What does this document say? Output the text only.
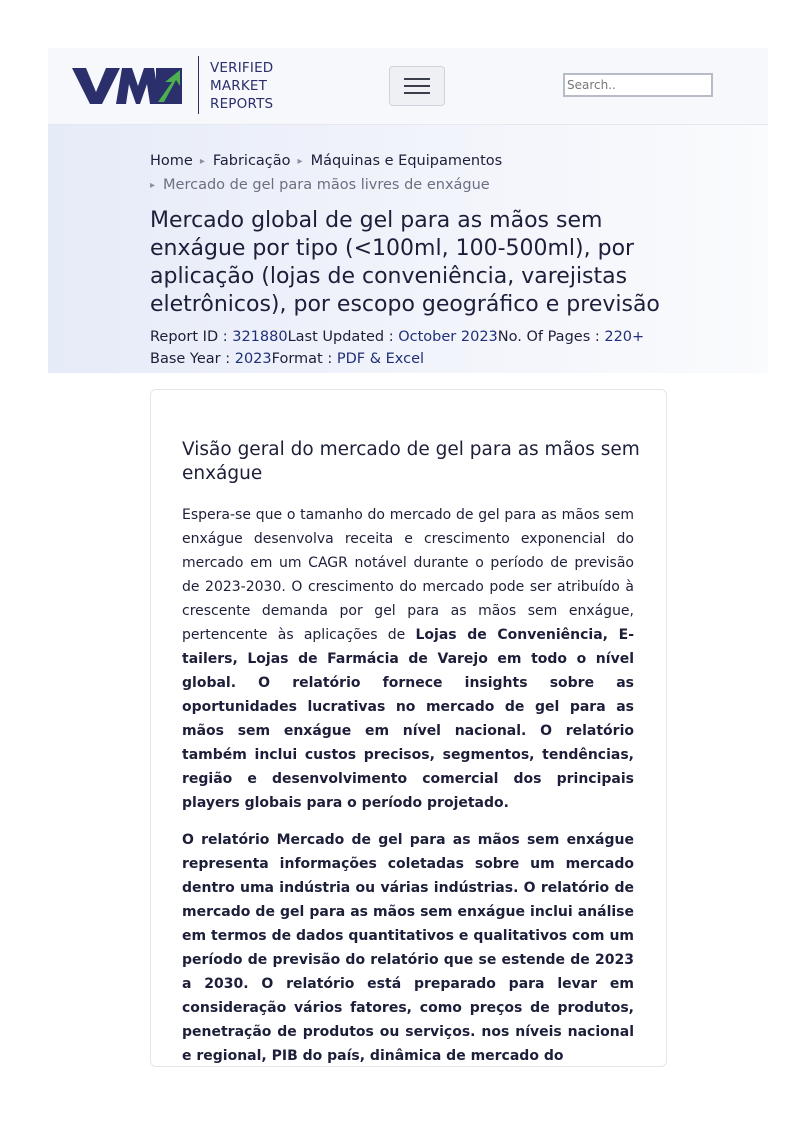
VERIFIED
MARKET
REPORTS
Search..
Home ▸ Fabricação ▸ Máquinas e Equipamentos
▸ Mercado de gel para mãos livres de enxágue
Mercado global de gel para as mãos sem enxágue por tipo (<100ml, 100-500ml), por aplicação (lojas de conveniência, varejistas eletrônicos), por escopo geográfico e previsão
Report ID : 321880Last Updated : October 2023No. Of Pages : 220+
Base Year : 2023Format : PDF & Excel
Visão geral do mercado de gel para as mãos sem enxágue

Espera-se que o tamanho do mercado de gel para as mãos sem enxágue desenvolva receita e crescimento exponencial do mercado em um CAGR notável durante o período de previsão de 2023-2030. O crescimento do mercado pode ser atribuído à crescente demanda por gel para as mãos sem enxágue, pertencente às aplicações de Lojas de Conveniência, E-tailers, Lojas de Farmácia de Varejo em todo o nível global. O relatório fornece insights sobre as oportunidades lucrativas no mercado de gel para as mãos sem enxágue em nível nacional. O relatório também inclui custos precisos, segmentos, tendências, região e desenvolvimento comercial dos principais players globais para o período projetado.

O relatório Mercado de gel para as mãos sem enxágue representa informações coletadas sobre um mercado dentro uma indústria ou várias indústrias. O relatório de mercado de gel para as mãos sem enxágue inclui análise em termos de dados quantitativos e qualitativos com um período de previsão do relatório que se estende de 2023 a 2030. O relatório está preparado para levar em consideração vários fatores, como preços de produtos, penetração de produtos ou serviços. nos níveis nacional e regional, PIB do país, dinâmica de mercado do
